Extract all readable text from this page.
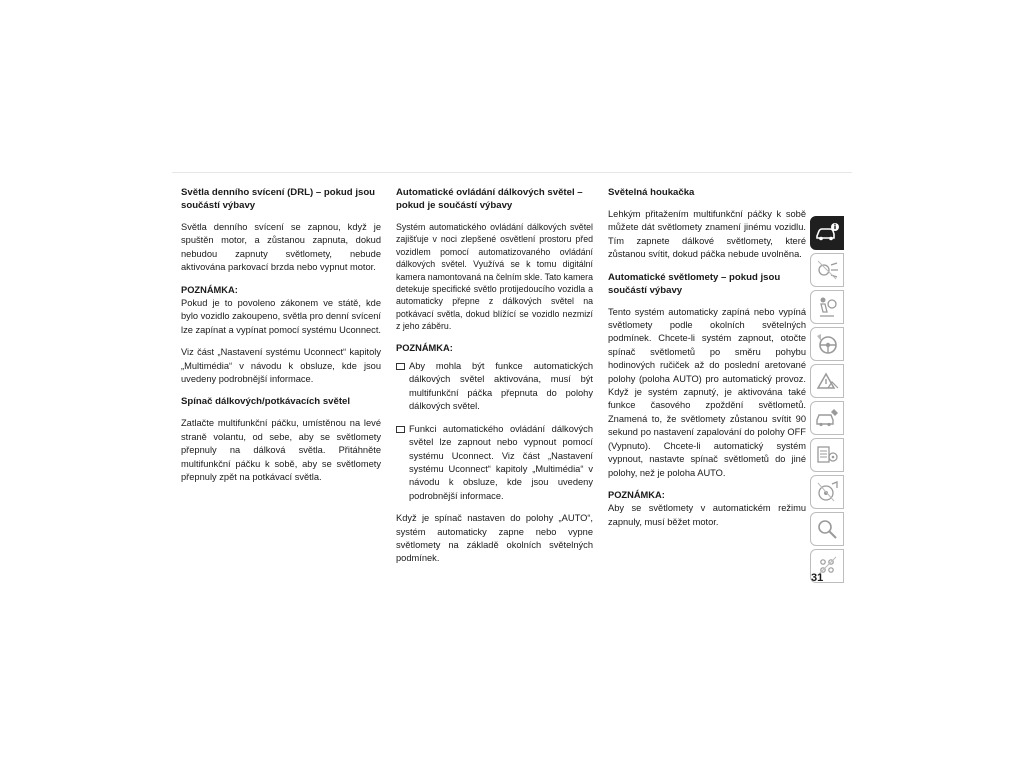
Světla denního svícení (DRL) – pokud jsou součástí výbavy

Světla denního svícení se zapnou, když je spuštěn motor, a zůstanou zapnuta, dokud nebudou zapnuty světlomety, nebude aktivována parkovací brzda nebo vypnut motor.

POZNÁMKA:

Pokud je to povoleno zákonem ve státě, kde bylo vozidlo zakoupeno, světla pro denní svícení lze zapínat a vypínat pomocí systému Uconnect.

Viz část „Nastavení systému Uconnect“ kapitoly „Multimédia“ v návodu k obsluze, kde jsou uvedeny podrobnější informace.

Spínač dálkových/potkávacích světel

Zatlačte multifunkční páčku, umístěnou na levé straně volantu, od sebe, aby se světlomety přepnuly na dálková světla. Přitáhněte multifunkční páčku k sobě, aby se světlomety přepnuly zpět na potkávací světla.

Automatické ovládání dálkových světel – pokud je součástí výbavy

Systém automatického ovládání dálkových světel zajišťuje v noci zlepšené osvětlení prostoru před vozidlem pomocí automatizovaného ovládání dálkových světel. Využívá se k tomu digitální kamera namontovaná na čelním skle. Tato kamera detekuje specifické světlo protijedoucího vozidla a automaticky přepne z dálkových světel na potkávací světla, dokud blížící se vozidlo nezmizí z jeho záběru.

POZNÁMKA:
Aby mohla být funkce automatických dálkových světel aktivována, musí být multifunkční páčka přepnuta do polohy dálkových světel.
Funkci automatického ovládání dálkových světel lze zapnout nebo vypnout pomocí systému Uconnect. Viz část „Nastavení systému Uconnect“ kapitoly „Multimédia“ v návodu k obsluze, kde jsou uvedeny podrobnější informace.

Když je spínač nastaven do polohy „AUTO“, systém automaticky zapne nebo vypne světlomety na základě okolních světelných podmínek.

Světelná houkačka

Lehkým přitažením multifunkční páčky k sobě můžete dát světlomety znamení jinému vozidlu. Tím zapnete dálkové světlomety, které zůstanou svítit, dokud páčka nebude uvolněna.

Automatické světlomety – pokud jsou součástí výbavy

Tento systém automaticky zapíná nebo vypíná světlomety podle okolních světelných podmínek. Chcete-li systém zapnout, otočte spínač světlometů po směru pohybu hodinových ručiček až do poslední aretované polohy (poloha AUTO) pro automatický provoz. Když je systém zapnutý, je aktivována také funkce časového zpoždění světlometů. Znamená to, že světlomety zůstanou svítit 90 sekund po nastavení zapalování do polohy OFF (Vypnuto). Chcete-li automatický systém vypnout, nastavte spínač světlometů do jiné polohy, než je poloha AUTO.

POZNÁMKA:

Aby se světlomety v automatickém režimu zapnuly, musí běžet motor.

31
